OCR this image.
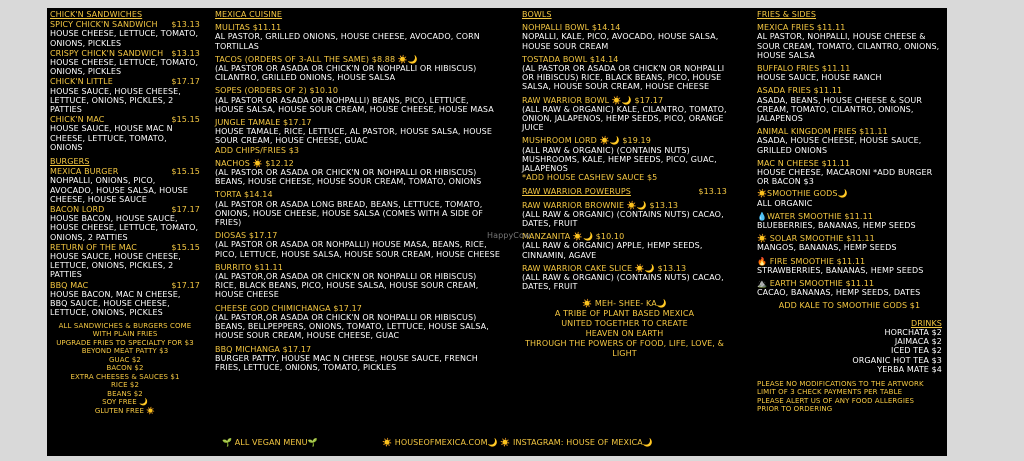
CHICK'N SANDWICHES
SPICY CHICK'N SANDWICH $13.13
HOUSE CHEESE, LETTUCE, TOMATO, ONIONS, PICKLES
CRISPY CHICK'N SANDWICH $13.13
HOUSE CHEESE, LETTUCE, TOMATO, ONIONS, PICKLES
CHICK'N LITTLE	$17.17
HOUSE SAUCE, HOUSE CHEESE, LETTUCE, ONIONS, PICKLES, 2 PATTIES
CHICK'N MAC	$15.15
HOUSE SAUCE, HOUSE MAC N CHEESE, LETTUCE, TOMATO, ONIONS
BURGERS
MEXICA BURGER	$15.15
NOHPALLI, ONIONS, PICO, AVOCADO, HOUSE SALSA, HOUSE CHEESE, HOUSE SAUCE
BACON LORD	$17.17
HOUSE BACON, HOUSE SAUCE, HOUSE CHEESE, LETTUCE, TOMATO, ONIONS, 2 PATTIES
RETURN OF THE MAC	$15.15
HOUSE SAUCE, HOUSE CHEESE, LETTUCE, ONIONS, PICKLES, 2 PATTIES
BBQ MAC	$17.17
HOUSE BACON, MAC N CHEESE, BBQ SAUCE, HOUSE CHEESE, LETTUCE, ONIONS, PICKLES
ALL SANDWICHES & BURGERS COME
WITH PLAIN FRIES
UPGRADE FRIES TO SPECIALTY FOR $3
BEYOND MEAT PATTY $3
GUAC $2
BACON $2
EXTRA CHEESES & SAUCES $1
RICE $2
BEANS $2
SOY FREE 🌙
GLUTEN FREE ☀️
MEXICA CUISINE
MULITAS $11.11
AL PASTOR, GRILLED ONIONS, HOUSE CHEESE, AVOCADO, CORN TORTILLAS
TACOS (ORDERS OF 3-ALL THE SAME) $8.88 ☀️🌙
(AL PASTOR OR ASADA OR CHICK'N OR NOHPALLI OR HIBISCUS) CILANTRO, GRILLED ONIONS, HOUSE SALSA
SOPES (ORDERS OF 2) $10.10
(AL PASTOR OR ASADA OR NOHPALLI) BEANS, PICO, LETTUCE, HOUSE SALSA, HOUSE SOUR CREAM, HOUSE CHEESE, HOUSE MASA
JUNGLE TAMALE $17.17
HOUSE TAMALE, RICE, LETTUCE, AL PASTOR, HOUSE SALSA, HOUSE SOUR CREAM, HOUSE CHEESE, GUAC
ADD CHIPS/FRIES $3
NACHOS ☀️ $12.12
(AL PASTOR OR ASADA OR CHICK'N OR NOHPALLI OR HIBISCUS) BEANS, HOUSE CHEESE, HOUSE SOUR CREAM, TOMATO, ONIONS
TORTA $14.14
(AL PASTOR OR ASADA LONG BREAD, BEANS, LETTUCE, TOMATO, ONIONS, HOUSE CHEESE, HOUSE SALSA (COMES WITH A SIDE OF FRIES)
DIOSAS $17.17
(AL PASTOR OR ASADA OR NOHPALLI) HOUSE MASA, BEANS, RICE, PICO, LETTUCE, HOUSE SALSA, HOUSE SOUR CREAM, HOUSE CHEESE
BURRITO $11.11
(AL PASTOR,OR ASADA OR CHICK'N OR NOHPALLI OR HIBISCUS) RICE, BLACK BEANS, PICO, HOUSE SALSA, HOUSE SOUR CREAM, HOUSE CHEESE
CHEESE GOD CHIMICHANGA $17.17
(AL PASTOR,OR ASADA OR CHICK'N OR NOHPALLI OR HIBISCUS) BEANS, BELLPEPPERS, ONIONS, TOMATO, LETTUCE, HOUSE SALSA, HOUSE SOUR CREAM, HOUSE CHEESE, GUAC
BBQ MICHANGA $17.17
BURGER PATTY, HOUSE MAC N CHEESE, HOUSE SAUCE, FRENCH FRIES, LETTUCE, ONIONS, TOMATO, PICKLES
BOWLS
NOHPALLI BOWL $14.14
NOPALLI, KALE, PICO, AVOCADO, HOUSE SALSA, HOUSE SOUR CREAM
TOSTADA BOWL $14.14
(AL PASTOR OR ASADA OR CHICK'N OR NOHPALLI OR HIBISCUS) RICE, BLACK BEANS, PICO, HOUSE SALSA, HOUSE SOUR CREAM, HOUSE CHEESE
RAW WARRIOR BOWL ☀️🌙 $17.17
(ALL RAW & ORGANIC) KALE, CILANTRO, TOMATO, ONION, JALAPENOS, HEMP SEEDS, PICO, ORANGE JUICE
MUSHROOM LORD ☀️🌙 $19.19
(ALL RAW & ORGANIC) (CONTAINS NUTS) MUSHROOMS, KALE, HEMP SEEDS, PICO, GUAC, JALAPENOS
*ADD HOUSE CASHEW SAUCE $5
RAW WARRIOR POWERUPS	$13.13
RAW WARRIOR BROWNIE ☀️🌙 $13.13
(ALL RAW & ORGANIC) (CONTAINS NUTS) CACAO, DATES, FRUIT
MANZANITA ☀️🌙 $10.10
(ALL RAW & ORGANIC) APPLE, HEMP SEEDS, CINNAMIN, AGAVE
RAW WARRIOR CAKE SLICE ☀️🌙 $13.13
(ALL RAW & ORGANIC) (CONTAINS NUTS) CACAO, DATES, FRUIT
☀️ MEH- SHEE- KA🌙
A TRIBE OF PLANT BASED MEXICA
UNITED TOGETHER TO CREATE
HEAVEN ON EARTH
THROUGH THE POWERS OF FOOD, LIFE, LOVE, & LIGHT
FRIES & SIDES
MEXICA FRIES $11.11
AL PASTOR, NOHPALLI, HOUSE CHEESE & SOUR CREAM, TOMATO, CILANTRO, ONIONS, HOUSE SALSA
BUFFALO FRIES $11.11
HOUSE SAUCE, HOUSE RANCH
ASADA FRIES $11.11
ASADA, BEANS, HOUSE CHEESE & SOUR CREAM, TOMATO, CILANTRO, ONIONS, JALAPENOS
ANIMAL KINGDOM FRIES $11.11
ASADA, HOUSE CHEESE, HOUSE SAUCE, GRILLED ONIONS
MAC N CHEESE $11.11
HOUSE CHEESE, MACARONI *ADD BURGER OR BACON $3
☀️SMOOTHIE GODS🌙
ALL ORGANIC
💧WATER SMOOTHIE $11.11
BLUEBERRIES, BANANAS, HEMP SEEDS
☀️ SOLAR SMOOTHIE $11.11
MANGOS, BANANAS, HEMP SEEDS
🔥 FIRE SMOOTHIE $11.11
STRAWBERRIES, BANANAS, HEMP SEEDS
⛰️ EARTH SMOOTHIE $11.11
CACAO, BANANAS, HEMP SEEDS, DATES
ADD KALE TO SMOOTHIE GODS $1
DRINKS
HORCHATA $2
JAIMACA $2
ICED TEA $2
ORGANIC HOT TEA $3
YERBA MATE $4
PLEASE NO MODIFICATIONS TO THE ARTWORK
LIMIT OF 3 CHECK PAYMENTS PER TABLE
PLEASE ALERT US OF ANY FOOD ALLERGIES
PRIOR TO ORDERING
🌱 ALL VEGAN MENU🌱	☀️ HOUSEOFMEXICA.COM🌙 ☀️ INSTAGRAM: HOUSE OF MEXICA🌙
HappyCow
